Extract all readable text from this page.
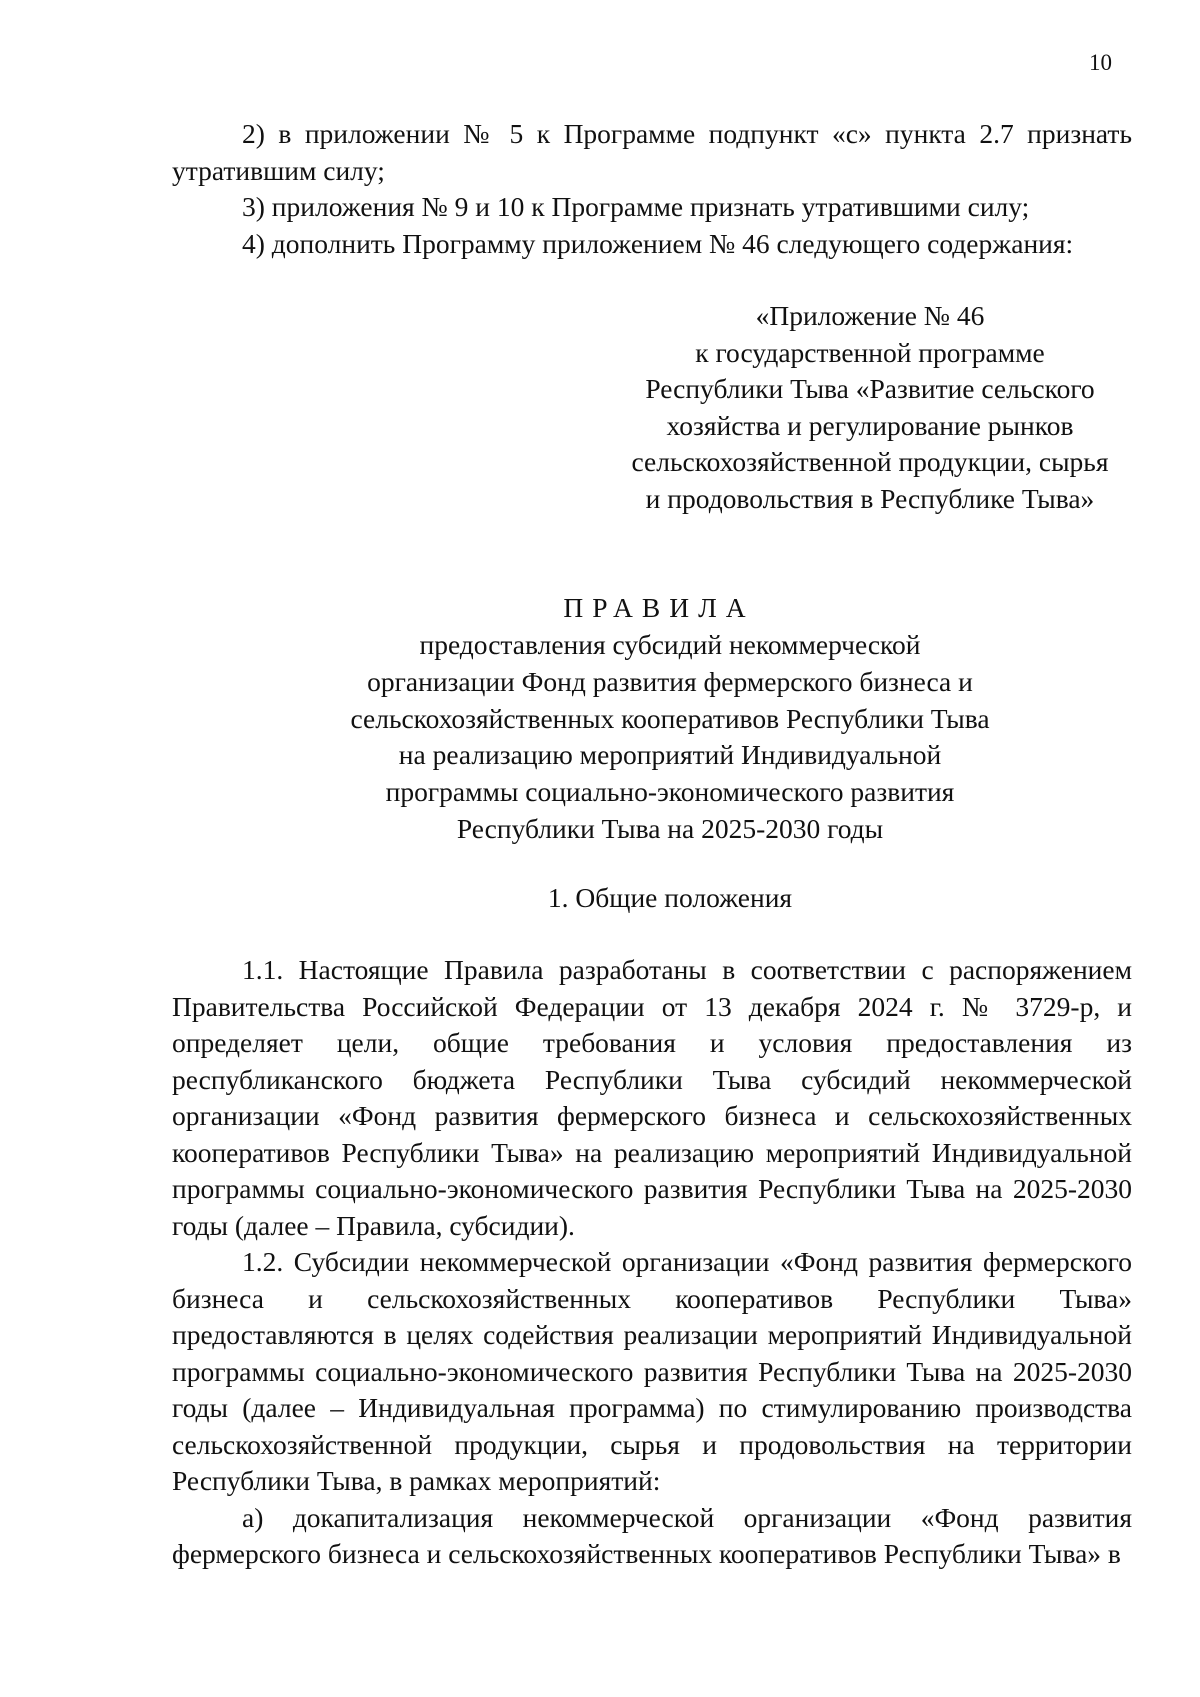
10

2) в приложении № 5 к Программе подпункт «с» пункта 2.7 признать утратившим силу;

3) приложения № 9 и 10 к Программе признать утратившими силу;

4) дополнить Программу приложением № 46 следующего содержания:

«Приложение № 46
к государственной программе
Республики Тыва «Развитие сельского
хозяйства и регулирование рынков
сельскохозяйственной продукции, сырья
и продовольствия в Республике Тыва»
ПРАВИЛА
предоставления субсидий некоммерческой
организации Фонд развития фермерского бизнеса и
сельскохозяйственных кооперативов Республики Тыва
на реализацию мероприятий Индивидуальной
программы социально-экономического развития
Республики Тыва на 2025-2030 годы
1. Общие положения

1.1. Настоящие Правила разработаны в соответствии с распоряжением Правительства Российской Федерации от 13 декабря 2024 г. № 3729-р, и определяет цели, общие требования и условия предоставления из республиканского бюджета Республики Тыва субсидий некоммерческой организации «Фонд развития фермерского бизнеса и сельскохозяйственных кооперативов Республики Тыва» на реализацию мероприятий Индивидуальной программы социально-экономического развития Республики Тыва на 2025-2030 годы (далее – Правила, субсидии).

1.2. Субсидии некоммерческой организации «Фонд развития фермерского бизнеса и сельскохозяйственных кооперативов Республики Тыва» предоставляются в целях содействия реализации мероприятий Индивидуальной программы социально-экономического развития Республики Тыва на 2025-2030 годы (далее – Индивидуальная программа) по стимулированию производства сельскохозяйственной продукции, сырья и продовольствия на территории Республики Тыва, в рамках мероприятий:

а) докапитализация некоммерческой организации «Фонд развития фермерского бизнеса и сельскохозяйственных кооперативов Республики Тыва» в
